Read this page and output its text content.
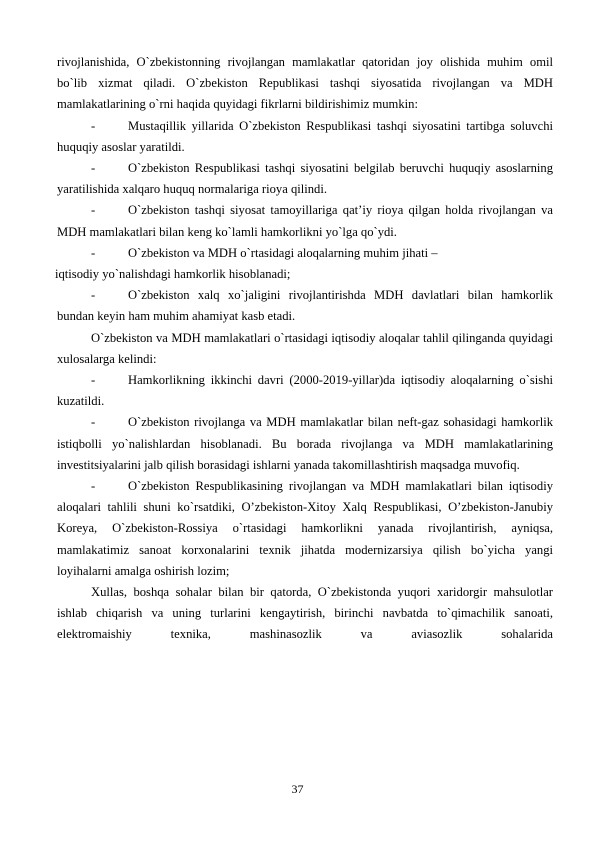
rivojlanishida, O`zbekistonning rivojlangan mamlakatlar qatoridan joy olishida muhim omil bo`lib xizmat qiladi. O`zbekiston Republikasi tashqi siyosatida rivojlangan va MDH mamlakatlarining o`rni haqida quyidagi fikrlarni bildirishimiz mumkin:

-	Mustaqillik yillarida O`zbekiston Respublikasi tashqi siyosatini tartibga soluvchi huquqiy asoslar yaratildi.

-	O`zbekiston Respublikasi tashqi siyosatini belgilab beruvchi huquqiy asoslarning yaratilishida xalqaro huquq normalariga rioya qilindi.

-	O`zbekiston tashqi siyosat tamoyillariga qat’iy rioya qilgan holda rivojlangan va MDH mamlakatlari bilan keng ko`lamli hamkorlikni yo`lga qo`ydi.

-	O`zbekiston va MDH o`rtasidagi aloqalarning muhim jihati –

iqtisodiy yo`nalishdagi hamkorlik hisoblanadi;

-	O`zbekiston xalq xo`jaligini rivojlantirishda MDH davlatlari bilan hamkorlik bundan keyin ham muhim ahamiyat kasb etadi.

O`zbekiston va MDH mamlakatlari o`rtasidagi iqtisodiy aloqalar tahlil qilinganda quyidagi xulosalarga kelindi:

-	Hamkorlikning ikkinchi davri (2000-2019-yillar)da iqtisodiy aloqalarning o`sishi kuzatildi.

-	O`zbekiston rivojlanga va MDH mamlakatlar bilan neft-gaz sohasidagi hamkorlik istiqbolli yo`nalishlardan hisoblanadi. Bu borada rivojlanga va MDH mamlakatlarining investitsiyalarini jalb qilish borasidagi ishlarni yanada takomillashtirish maqsadga muvofiq.

-	O`zbekiston Respublikasining rivojlangan va MDH mamlakatlari bilan iqtisodiy aloqalari tahlili shuni ko`rsatdiki, O’zbekiston-Xitoy Xalq Respublikasi, O’zbekiston-Janubiy Koreya, O`zbekiston-Rossiya o`rtasidagi hamkorlikni yanada rivojlantirish, ayniqsa, mamlakatimiz sanoat korxonalarini texnik jihatda modernizarsiya qilish bo`yicha yangi loyihalarni amalga oshirish lozim;

Xullas, boshqa sohalar bilan bir qatorda, O`zbekistonda yuqori xaridorgir mahsulotlar ishlab chiqarish va uning turlarini kengaytirish, birinchi navbatda to`qimachilik sanoati, elektromaishiy texnika, mashinasozlik va aviasozlik sohalarida

37
